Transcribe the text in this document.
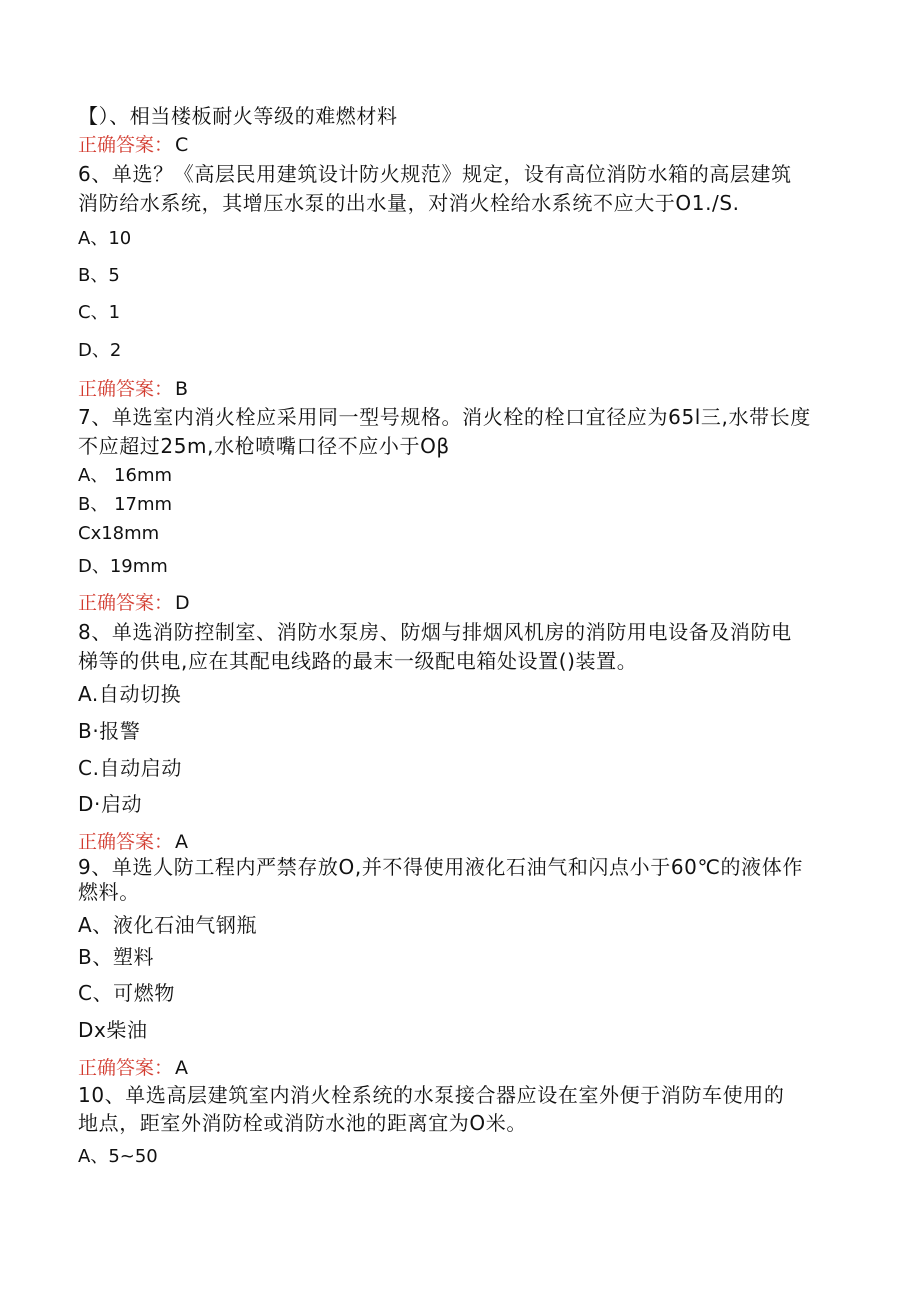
【）、相当楼板耐火等级的难燃材料
正确答案： C
6、单选？《高层民用建筑设计防火规范》规定，设有高位消防水箱的高层建筑
消防给水系统，其增压水泵的出水量，对消火栓给水系统不应大于O1./S.
A、10
B、5
C、1
D、2
正确答案： B
7、单选室内消火栓应采用同一型号规格。消火栓的栓口宜径应为65l三,水带长度
不应超过25m,水枪喷嘴口径不应小于Oβ
A、 16mm
B、 17mm
Cx18mm
D、19mm
正确答案： D
8、单选消防控制室、消防水泵房、防烟与排烟风机房的消防用电设备及消防电
梯等的供电,应在其配电线路的最末一级配电箱处设置()装置。
A.自动切换
B·报警
C.自动启动
D·启动
正确答案： A
9、单选人防工程内严禁存放O,并不得使用液化石油气和闪点小于60℃的液体作
燃料。
A、液化石油气钢瓶
B、塑料
C、可燃物
Dx柴油
正确答案： A
10、单选高层建筑室内消火栓系统的水泵接合器应设在室外便于消防车使用的
地点，距室外消防栓或消防水池的距离宜为O米。
A、5~50
